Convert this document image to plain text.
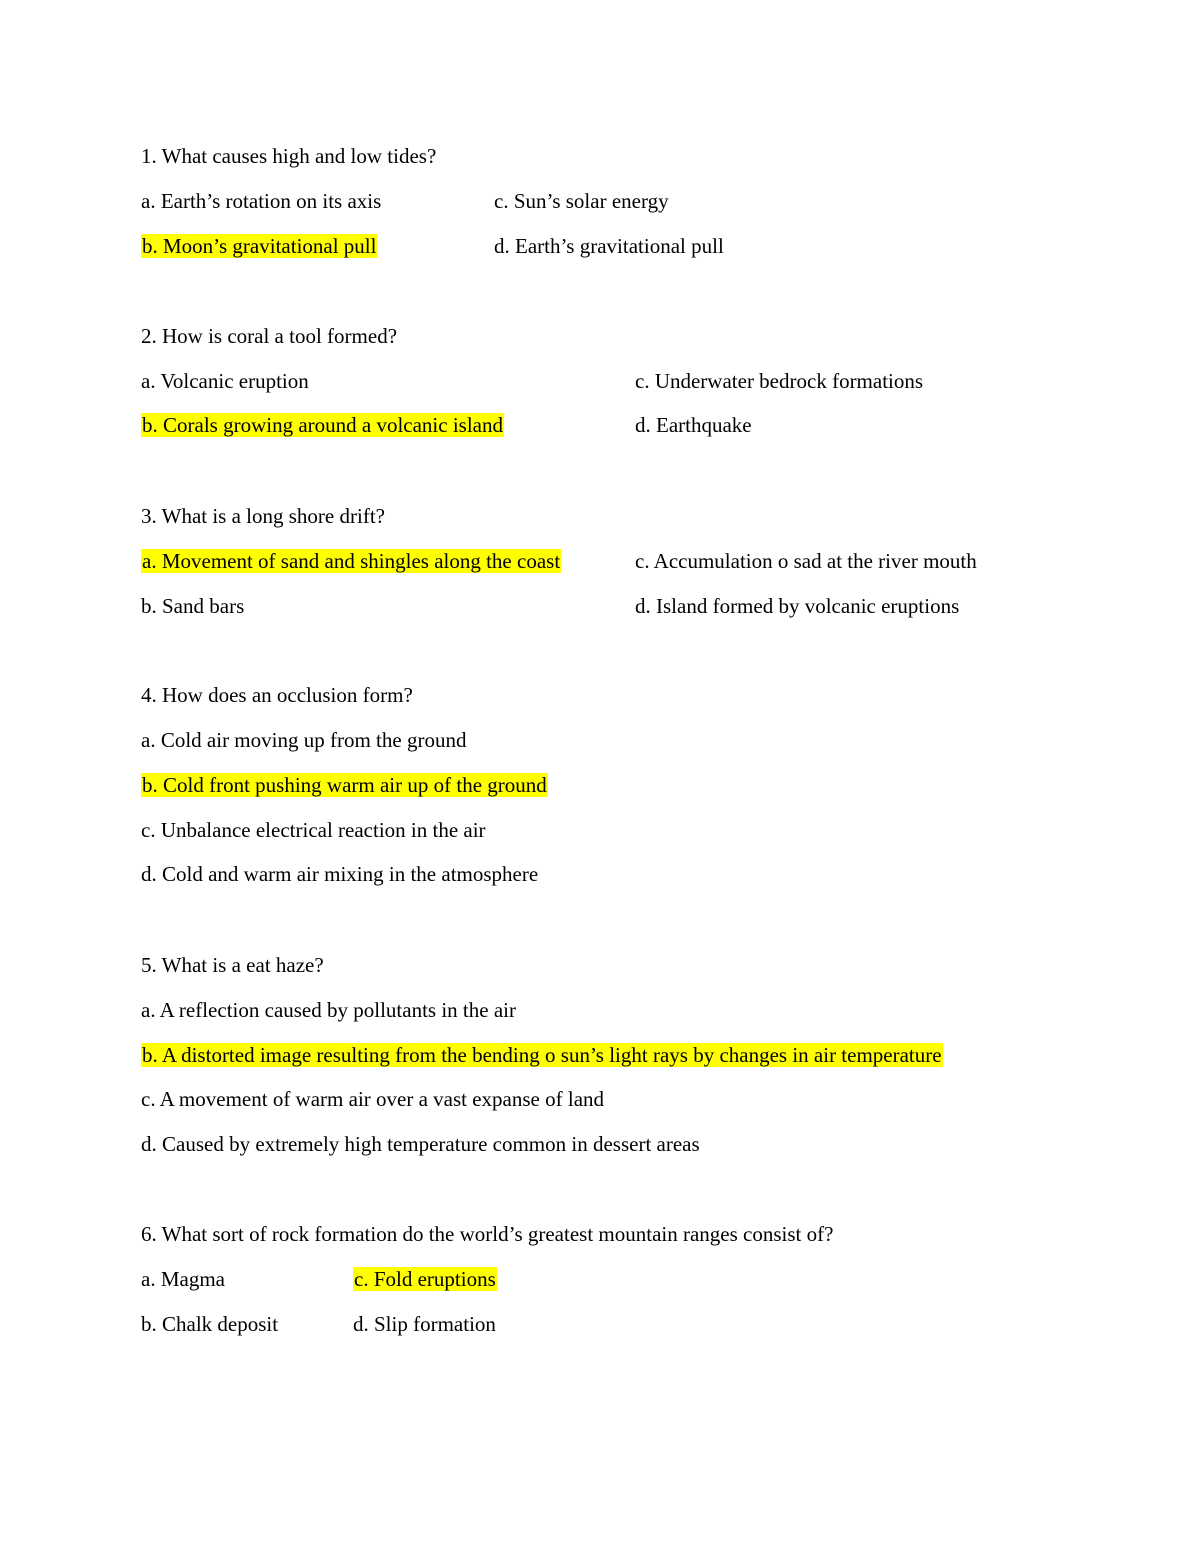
1. What causes high and low tides?
a. Earth’s rotation on its axis	c. Sun’s solar energy
b. Moon’s gravitational pull	d. Earth’s gravitational pull
2. How is coral a tool formed?
a. Volcanic eruption	c. Underwater bedrock formations
b. Corals growing around a volcanic island	d. Earthquake
3. What is a long shore drift?
a. Movement of sand and shingles along the coast	c. Accumulation o sad at the river mouth
b. Sand bars	d. Island formed by volcanic eruptions
4. How does an occlusion form?
a. Cold air moving up from the ground
b. Cold front pushing warm air up of the ground
c. Unbalance electrical reaction in the air
d. Cold and warm air mixing in the atmosphere
5. What is a eat haze?
a. A reflection caused by pollutants in the air
b. A distorted image resulting from the bending o sun’s light rays by changes in air temperature
c. A movement of warm air over a vast expanse of land
d. Caused by extremely high temperature common in dessert areas
6. What sort of rock formation do the world’s greatest mountain ranges consist of?
a. Magma	c. Fold eruptions
b. Chalk deposit	d. Slip formation
